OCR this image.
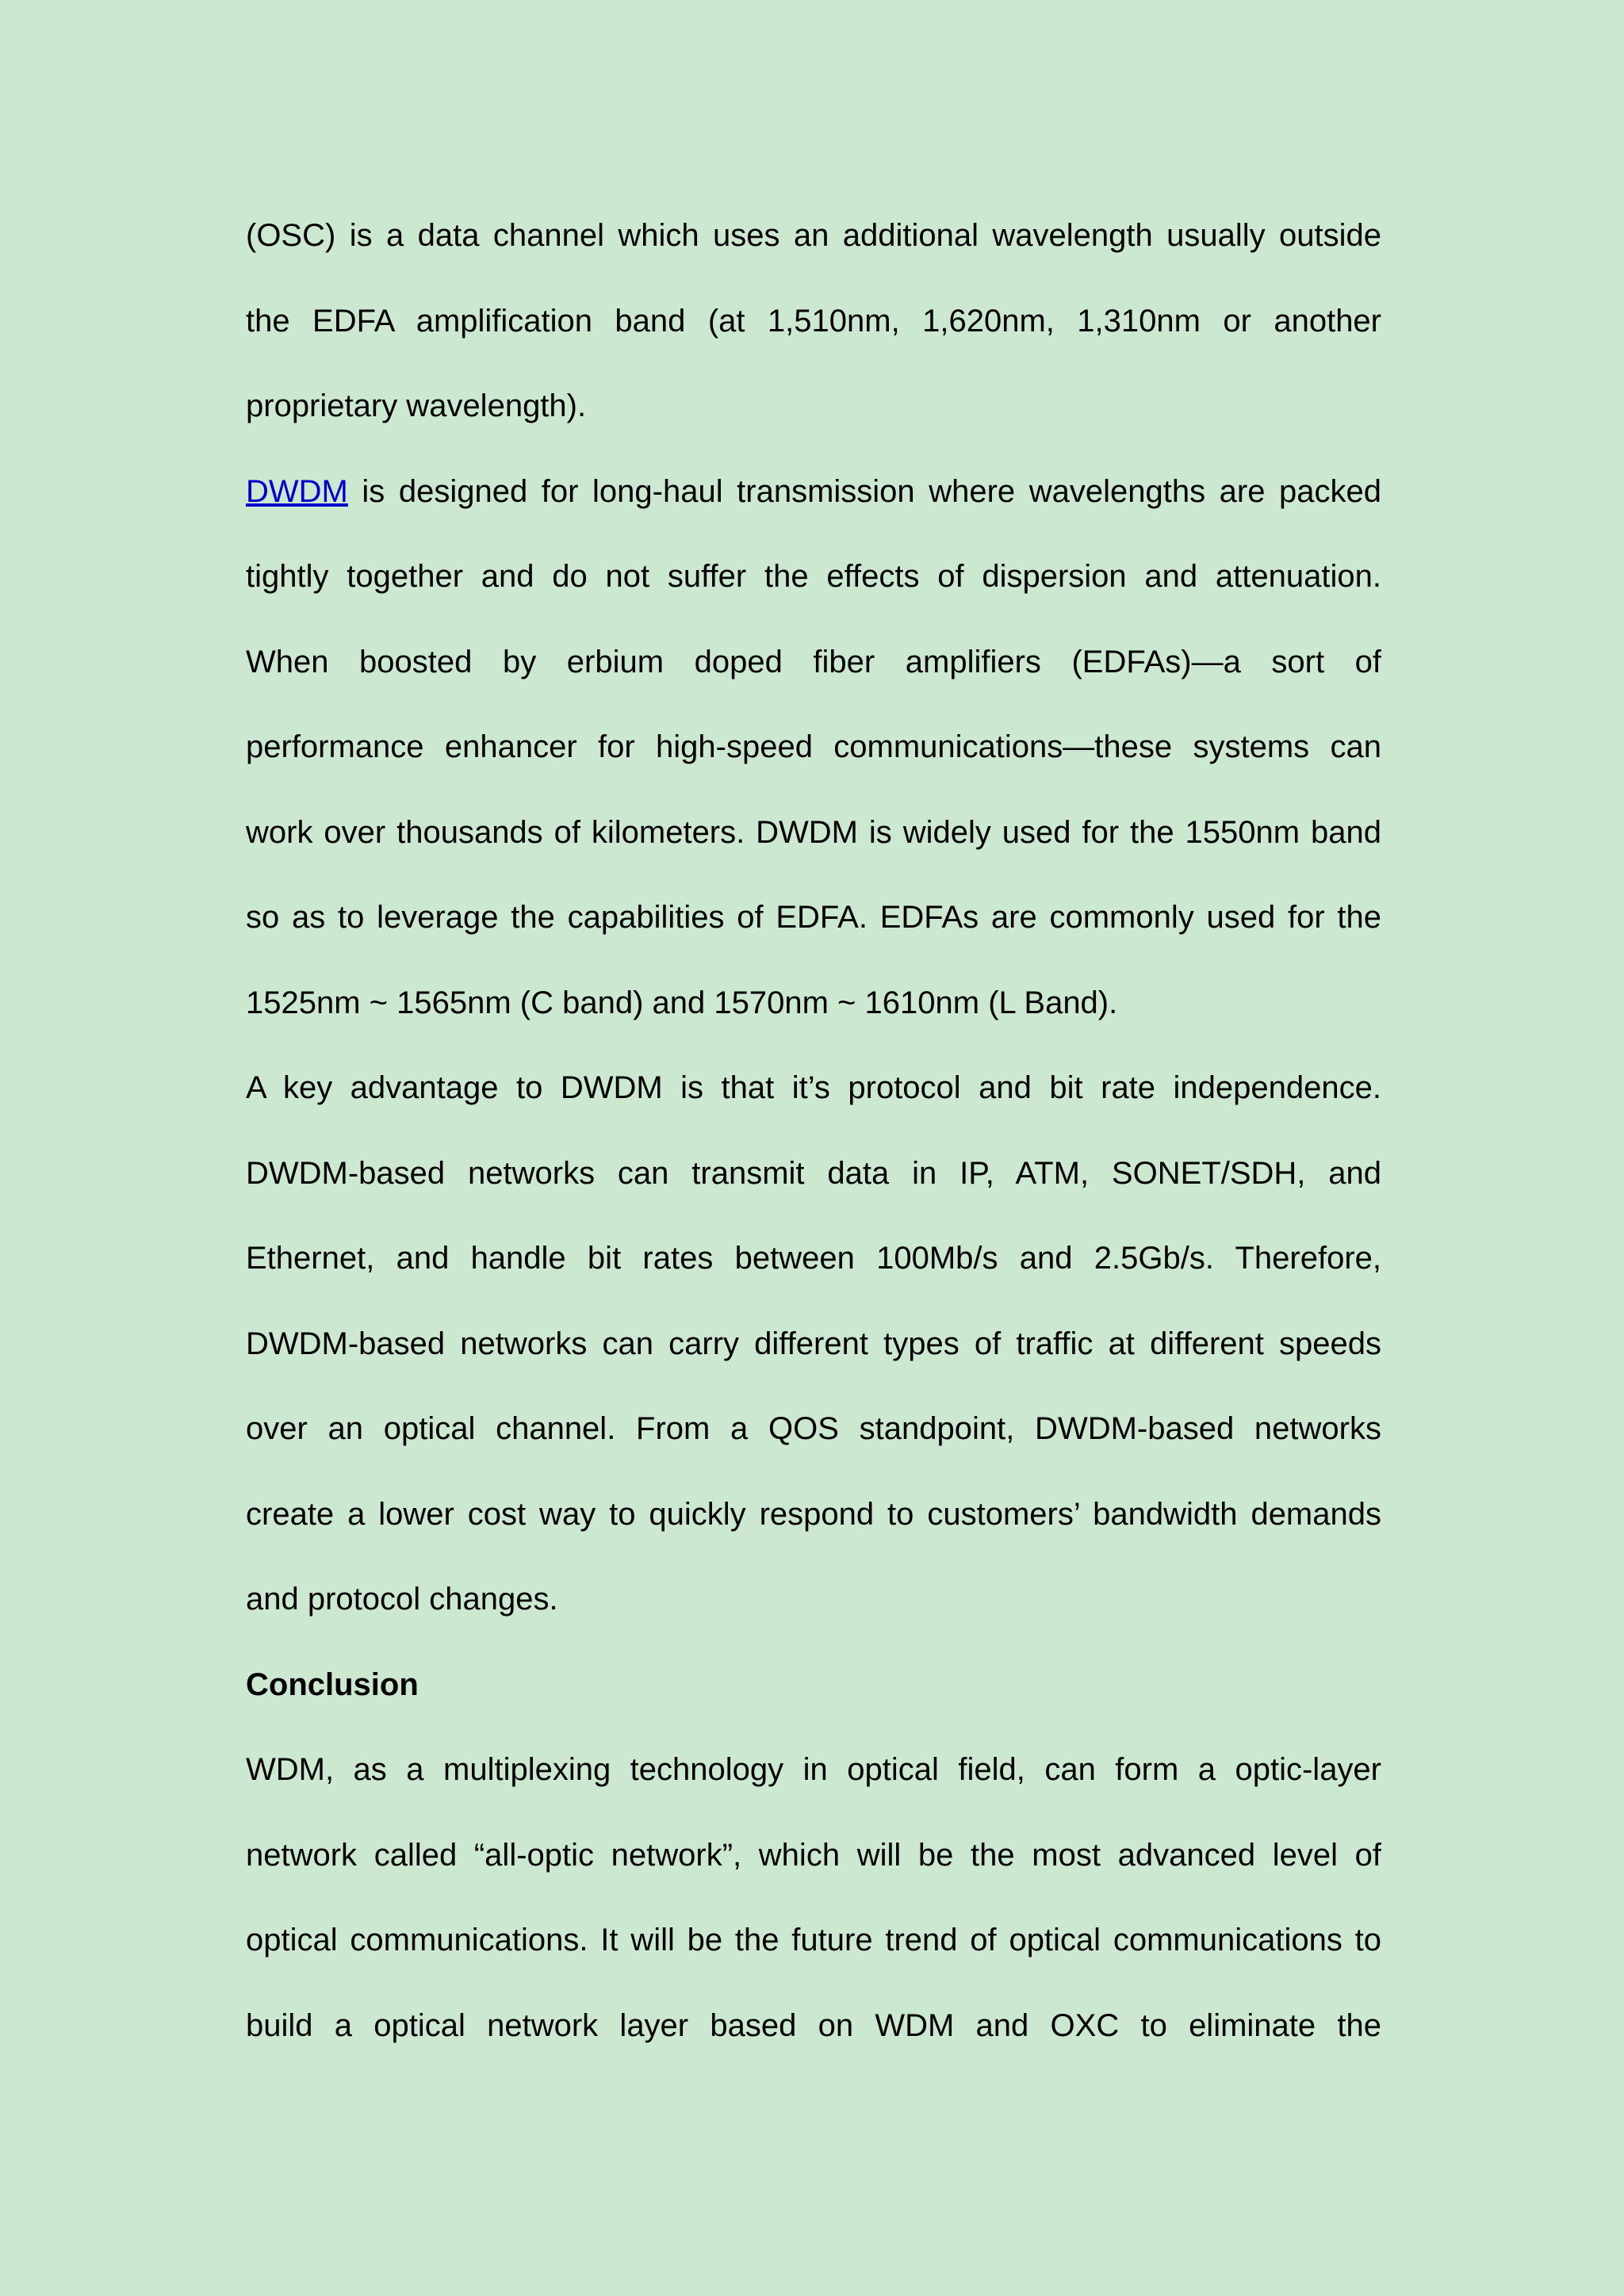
(OSC) is a data channel which uses an additional wavelength usually outside
the EDFA amplification band (at 1,510nm, 1,620nm, 1,310nm or another
proprietary wavelength).
DWDM is designed for long-haul transmission where wavelengths are packed
tightly together and do not suffer the effects of dispersion and attenuation.
When boosted by erbium doped fiber amplifiers (EDFAs)—a sort of
performance enhancer for high-speed communications—these systems can
work over thousands of kilometers. DWDM is widely used for the 1550nm band
so as to leverage the capabilities of EDFA. EDFAs are commonly used for the
1525nm ~ 1565nm (C band) and 1570nm ~ 1610nm (L Band).
A key advantage to DWDM is that it’s protocol and bit rate independence.
DWDM-based networks can transmit data in IP, ATM, SONET/SDH, and
Ethernet, and handle bit rates between 100Mb/s and 2.5Gb/s. Therefore,
DWDM-based networks can carry different types of traffic at different speeds
over an optical channel. From a QOS standpoint, DWDM-based networks
create a lower cost way to quickly respond to customers’ bandwidth demands
and protocol changes.
Conclusion
WDM, as a multiplexing technology in optical field, can form a optic-layer
network called “all-optic network”, which will be the most advanced level of
optical communications. It will be the future trend of optical communications to
build a optical network layer based on WDM and OXC to eliminate the
